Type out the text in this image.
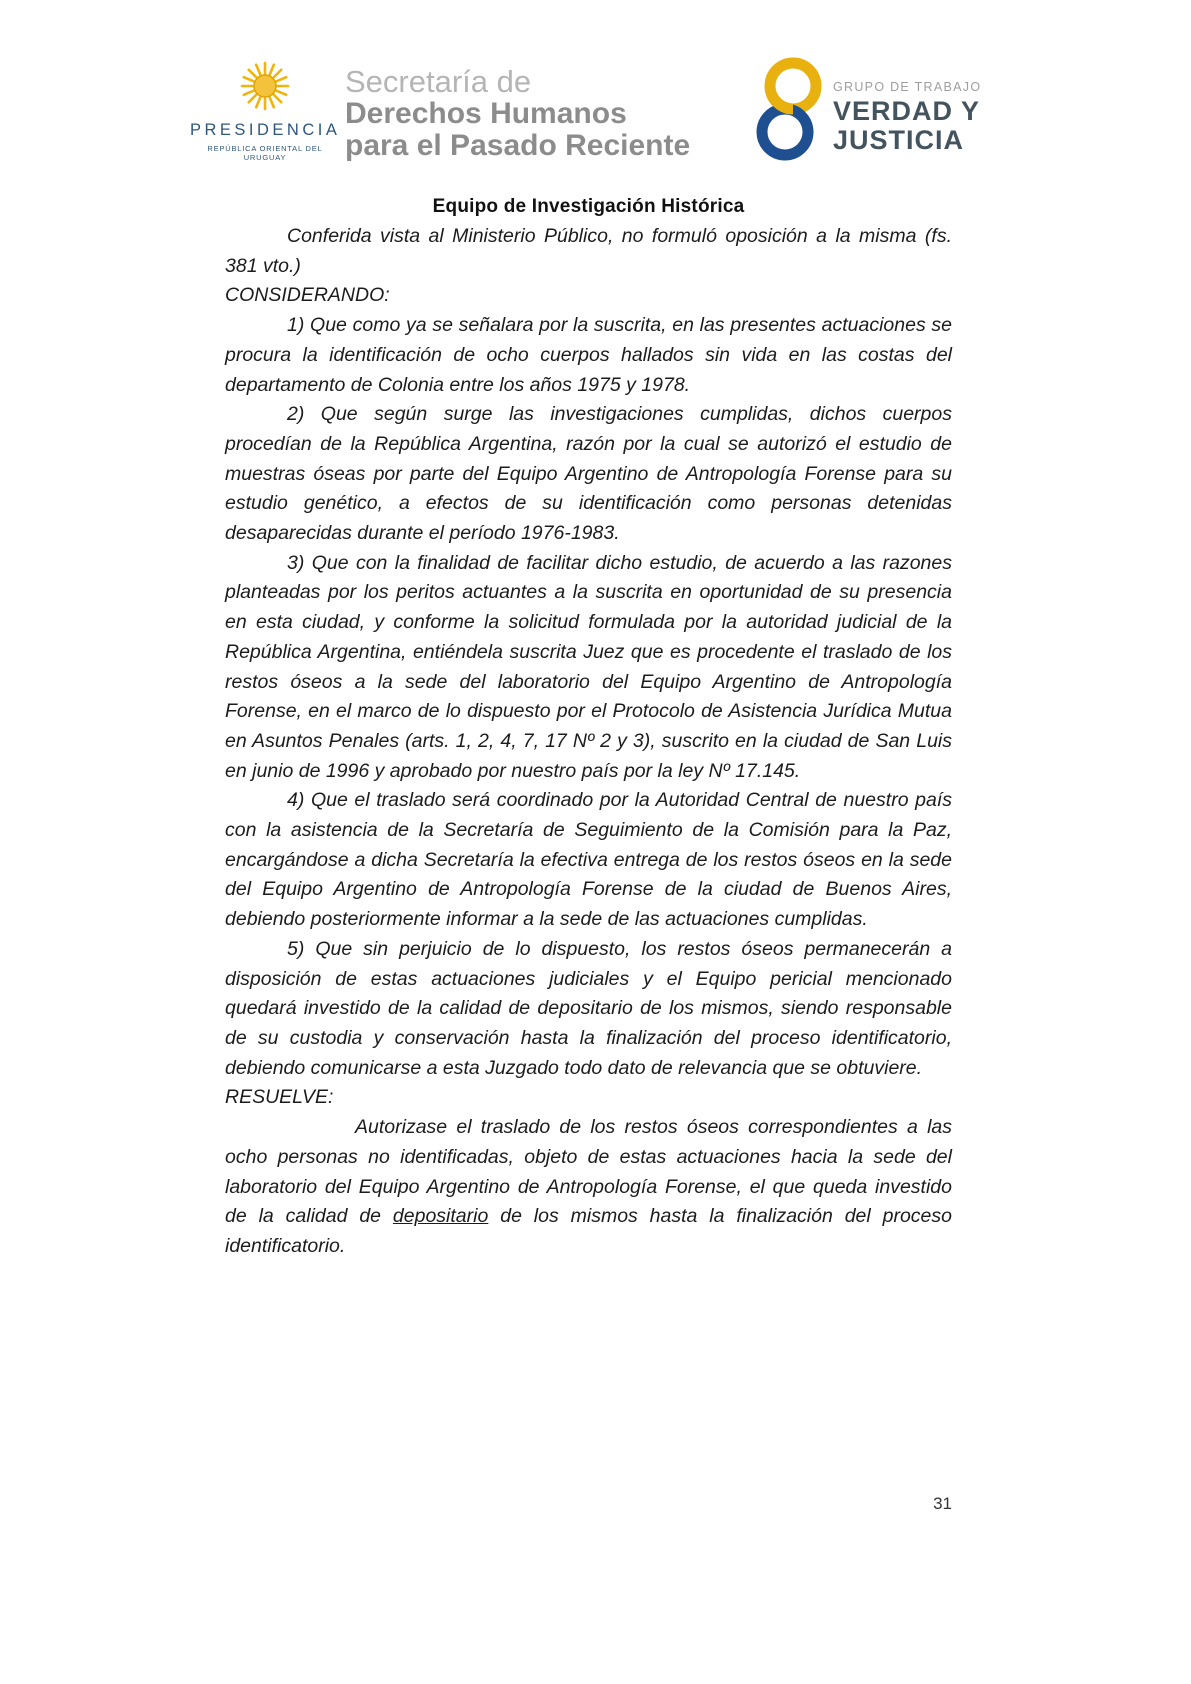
PRESIDENCIA
REPÚBLICA ORIENTAL DEL URUGUAY
Secretaría de
Derechos Humanos
para el Pasado Reciente
GRUPO DE TRABAJO
VERDAD Y
JUSTICIA
Equipo de Investigación Histórica

Conferida vista al Ministerio Público, no formuló oposición a la misma (fs. 381 vto.)

CONSIDERANDO:

1) Que como ya se señalara por la suscrita, en las presentes actuaciones se procura la identificación de ocho cuerpos hallados sin vida en las costas del departamento de Colonia entre los años 1975 y 1978.

2) Que según surge las investigaciones cumplidas, dichos cuerpos procedían de la República Argentina, razón por la cual se autorizó el estudio de muestras óseas por parte del Equipo Argentino de Antropología Forense para su estudio genético, a efectos de su identificación como personas detenidas desaparecidas durante el período 1976-1983.

3) Que con la finalidad de facilitar dicho estudio, de acuerdo a las razones planteadas por los peritos actuantes a la suscrita en oportunidad de su presencia en esta ciudad, y conforme la solicitud formulada por la autoridad judicial de la República Argentina, entiéndela suscrita Juez que es procedente el traslado de los restos óseos a la sede del laboratorio del Equipo Argentino de Antropología Forense, en el marco de lo dispuesto por el Protocolo de Asistencia Jurídica Mutua en Asuntos Penales (arts. 1, 2, 4, 7, 17 Nº 2 y 3), suscrito en la ciudad de San Luis en junio de 1996 y aprobado por nuestro país por la ley Nº 17.145.

4) Que el traslado será coordinado por la Autoridad Central de nuestro país con la asistencia de la Secretaría de Seguimiento de la Comisión para la Paz, encargándose a dicha Secretaría la efectiva entrega de los restos óseos en la sede del Equipo Argentino de Antropología Forense de la ciudad de Buenos Aires, debiendo posteriormente informar a la sede de las actuaciones cumplidas.

5) Que sin perjuicio de lo dispuesto, los restos óseos permanecerán a disposición de estas actuaciones judiciales y el Equipo pericial mencionado quedará investido de la calidad de depositario de los mismos, siendo responsable de su custodia y conservación hasta la finalización del proceso identificatorio, debiendo comunicarse a esta Juzgado todo dato de relevancia que se obtuviere.

RESUELVE:

Autorizase el traslado de los restos óseos correspondientes a las ocho personas no identificadas, objeto de estas actuaciones hacia la sede del laboratorio del Equipo Argentino de Antropología Forense, el que queda investido de la calidad de depositario de los mismos hasta la finalización del proceso identificatorio.

31
